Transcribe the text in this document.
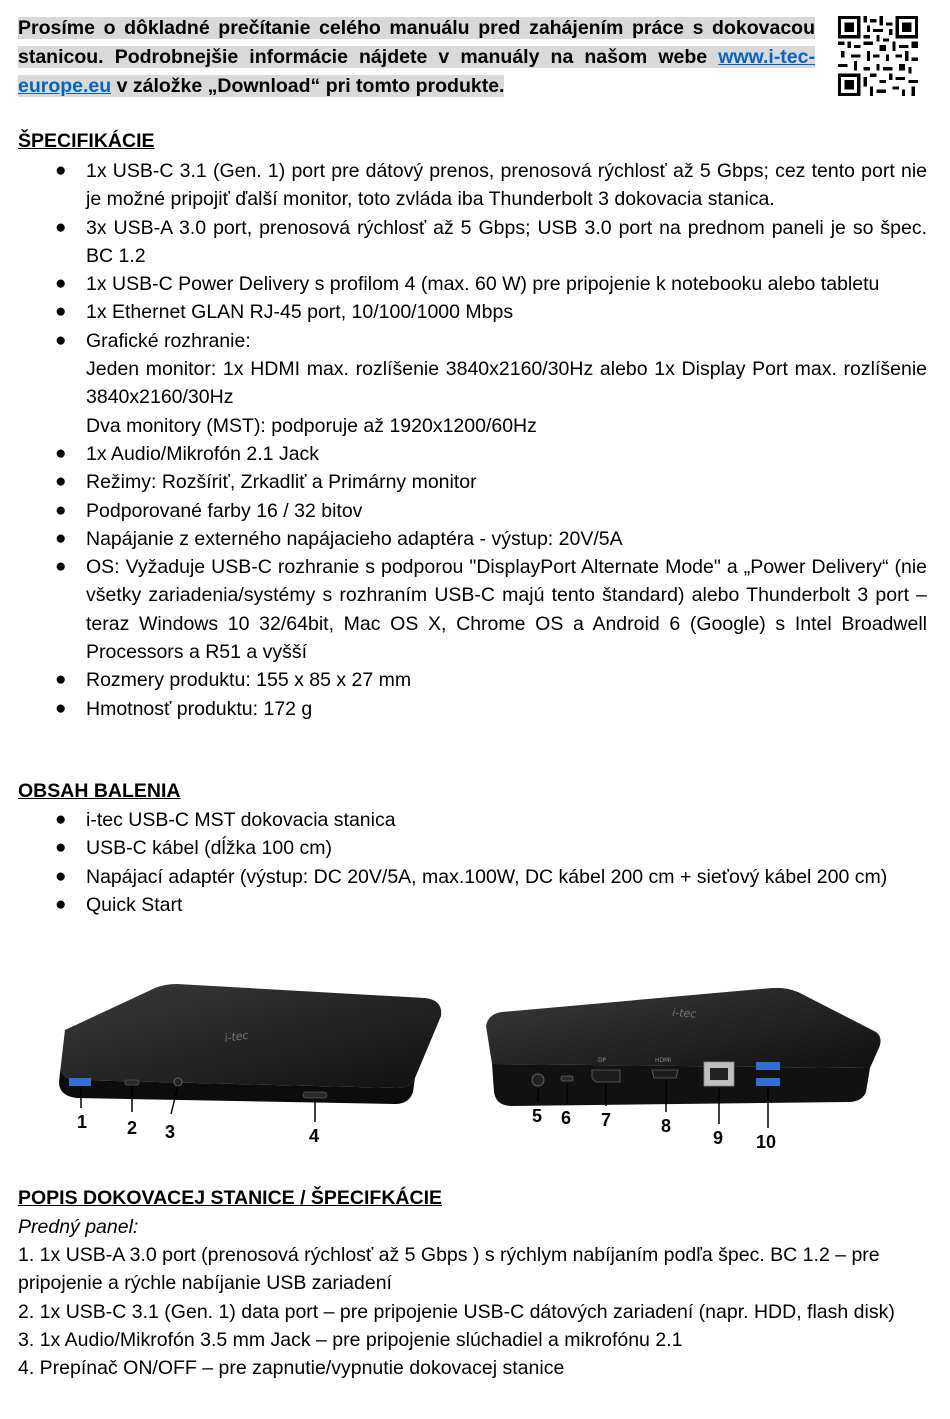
Prosíme o dôkladné prečítanie celého manuálu pred zahájením práce s dokovacou stanicou. Podrobnejšie informácie nájdete v manuály na našom webe www.i-tec-europe.eu v záložke „Download“ pri tomto produkte.
ŠPECIFIKÁCIE
● 1x USB-C 3.1 (Gen. 1) port pre dátový prenos, prenosová rýchlosť až 5 Gbps; cez tento port nie je možné pripojiť ďalší monitor, toto zvláda iba Thunderbolt 3 dokovacia stanica.
● 3x USB-A 3.0 port, prenosová rýchlosť až 5 Gbps; USB 3.0 port na prednom paneli je so špec. BC 1.2
● 1x USB-C Power Delivery s profilom 4 (max. 60 W) pre pripojenie k notebooku alebo tabletu
● 1x Ethernet GLAN RJ-45 port, 10/100/1000 Mbps
● Grafické rozhranie:
Jeden monitor: 1x HDMI max. rozlíšenie 3840x2160/30Hz alebo 1x Display Port max. rozlíšenie 3840x2160/30Hz
Dva monitory (MST): podporuje až 1920x1200/60Hz
● 1x Audio/Mikrofón 2.1 Jack
● Režimy: Rozšíriť, Zrkadliť a Primárny monitor
● Podporované farby 16 / 32 bitov
● Napájanie z externého napájacieho adaptéra - výstup: 20V/5A
● OS: Vyžaduje USB-C rozhranie s podporou "DisplayPort Alternate Mode" a „Power Delivery“ (nie všetky zariadenia/systémy s rozhraním USB-C majú tento štandard) alebo Thunderbolt 3 port – teraz Windows 10 32/64bit, Mac OS X, Chrome OS a Android 6 (Google) s Intel Broadwell Processors a R51 a vyšší
● Rozmery produktu: 155 x 85 x 27 mm
● Hmotnosť produktu: 172 g
OBSAH BALENIA
● i-tec USB-C MST dokovacia stanica
● USB-C kábel (dĺžka 100 cm)
● Napájací adaptér (výstup: DC 20V/5A, max.100W, DC kábel 200 cm + sieťový kábel 200 cm)
● Quick Start
i-tec
1 2 3	4
i-tec
DP	HDMI
5 6 7	8
9 10
POPIS DOKOVACEJ STANICE / ŠPECIFKÁCIE
Predný panel:
1. 1x USB-A 3.0 port (prenosová rýchlosť až 5 Gbps ) s rýchlym nabíjaním podľa špec. BC 1.2 – pre pripojenie a rýchle nabíjanie USB zariadení
2. 1x USB-C 3.1 (Gen. 1) data port – pre pripojenie USB-C dátových zariadení (napr. HDD, flash disk)
3. 1x Audio/Mikrofón 3.5 mm Jack – pre pripojenie slúchadiel a mikrofónu 2.1
4. Prepínač ON/OFF – pre zapnutie/vypnutie dokovacej stanice
